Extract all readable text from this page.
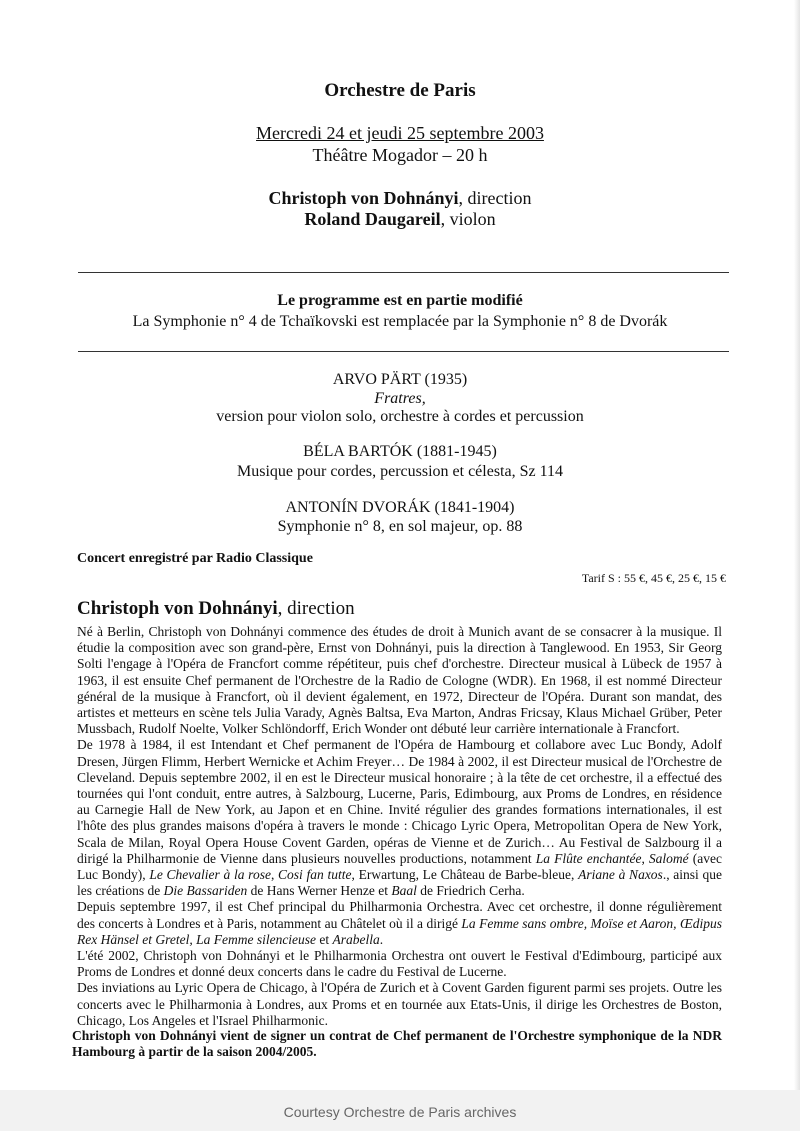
Orchestre de Paris
Mercredi 24 et jeudi 25 septembre 2003
Théâtre Mogador – 20 h
Christoph von Dohnányi, direction
Roland Daugareil, violon
Le programme est en partie modifié
La Symphonie n° 4 de Tchaïkovski est remplacée par la Symphonie n° 8 de Dvorák
ARVO PÄRT (1935)
Fratres,
version pour violon solo, orchestre à cordes et percussion
BÉLA BARTÓK (1881-1945)
Musique pour cordes, percussion et célesta, Sz 114
ANTONÍN DVORÁK (1841-1904)
Symphonie n° 8, en sol majeur, op. 88
Concert enregistré par Radio Classique
Tarif S : 55 €, 45 €, 25 €, 15 €
Christoph von Dohnányi, direction

Né à Berlin, Christoph von Dohnányi commence des études de droit à Munich avant de se consacrer à la musique. Il étudie la composition avec son grand-père, Ernst von Dohnányi, puis la direction à Tanglewood. En 1953, Sir Georg Solti l'engage à l'Opéra de Francfort comme répétiteur, puis chef d'orchestre. Directeur musical à Lübeck de 1957 à 1963, il est ensuite Chef permanent de l'Orchestre de la Radio de Cologne (WDR). En 1968, il est nommé Directeur général de la musique à Francfort, où il devient également, en 1972, Directeur de l'Opéra. Durant son mandat, des artistes et metteurs en scène tels Julia Varady, Agnès Baltsa, Eva Marton, Andras Fricsay, Klaus Michael Grüber, Peter Mussbach, Rudolf Noelte, Volker Schlöndorff, Erich Wonder ont débuté leur carrière internationale à Francfort.

De 1978 à 1984, il est Intendant et Chef permanent de l'Opéra de Hambourg et collabore avec Luc Bondy, Adolf Dresen, Jürgen Flimm, Herbert Wernicke et Achim Freyer… De 1984 à 2002, il est Directeur musical de l'Orchestre de Cleveland. Depuis septembre 2002, il en est le Directeur musical honoraire ; à la tête de cet orchestre, il a effectué des tournées qui l'ont conduit, entre autres, à Salzbourg, Lucerne, Paris, Edimbourg, aux Proms de Londres, en résidence au Carnegie Hall de New York, au Japon et en Chine. Invité régulier des grandes formations internationales, il est l'hôte des plus grandes maisons d'opéra à travers le monde : Chicago Lyric Opera, Metropolitan Opera de New York, Scala de Milan, Royal Opera House Covent Garden, opéras de Vienne et de Zurich… Au Festival de Salzbourg il a dirigé la Philharmonie de Vienne dans plusieurs nouvelles productions, notamment La Flûte enchantée, Salomé (avec Luc Bondy), Le Chevalier à la rose, Cosi fan tutte, Erwartung, Le Château de Barbe-bleue, Ariane à Naxos., ainsi que les créations de Die Bassariden de Hans Werner Henze et Baal de Friedrich Cerha.

Depuis septembre 1997, il est Chef principal du Philharmonia Orchestra. Avec cet orchestre, il donne régulièrement des concerts à Londres et à Paris, notamment au Châtelet où il a dirigé La Femme sans ombre, Moïse et Aaron, Œdipus Rex Hänsel et Gretel, La Femme silencieuse et Arabella.

L'été 2002, Christoph von Dohnányi et le Philharmonia Orchestra ont ouvert le Festival d'Edimbourg, participé aux Proms de Londres et donné deux concerts dans le cadre du Festival de Lucerne.

Des inviations au Lyric Opera de Chicago, à l'Opéra de Zurich et à Covent Garden figurent parmi ses projets. Outre les concerts avec le Philharmonia à Londres, aux Proms et en tournée aux Etats-Unis, il dirige les Orchestres de Boston, Chicago, Los Angeles et l'Israel Philharmonic.

Christoph von Dohnányi vient de signer un contrat de Chef permanent de l'Orchestre symphonique de la NDR Hambourg à partir de la saison 2004/2005.
Courtesy Orchestre de Paris archives
